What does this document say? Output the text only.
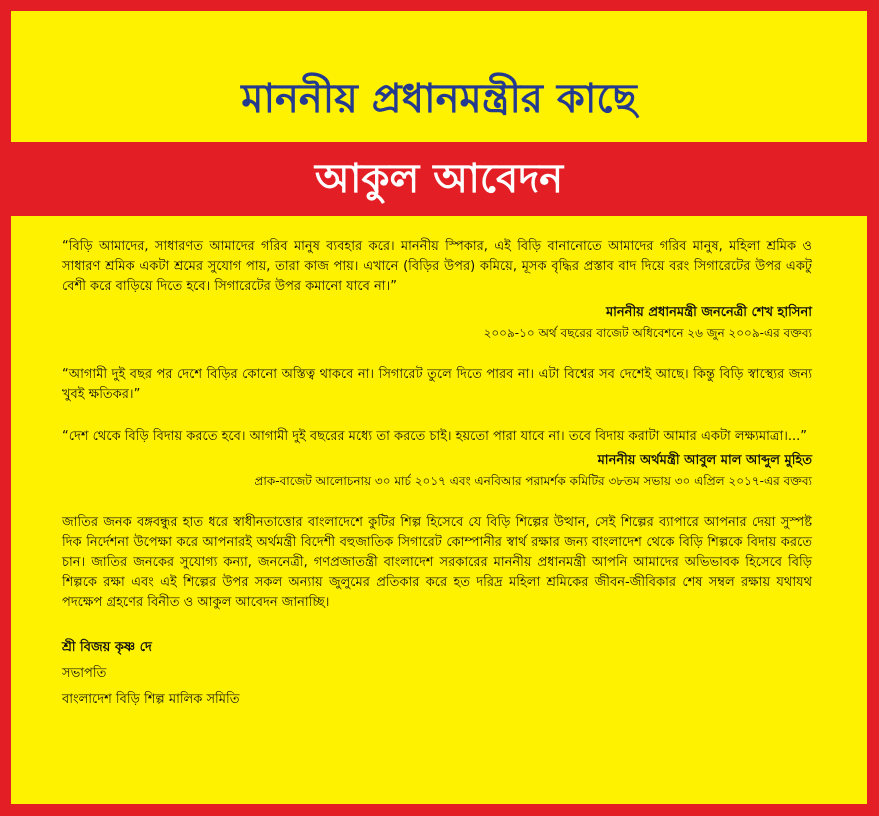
মাননীয় প্রধানমন্ত্রীর কাছে
আকুল আবেদন

“বিড়ি আমাদের, সাধারণত আমাদের গরিব মানুষ ব্যবহার করে। মাননীয় স্পিকার, এই বিড়ি বানানোতে আমাদের গরিব মানুষ, মহিলা শ্রমিক ও সাধারণ শ্রমিক একটা শ্রমের সুযোগ পায়, তারা কাজ পায়। এখানে (বিড়ির উপর) কমিয়ে, মূসক বৃদ্ধির প্রস্তাব বাদ দিয়ে বরং সিগারেটের উপর একটু বেশী করে বাড়িয়ে দিতে হবে। সিগারেটের উপর কমানো যাবে না।”

মাননীয় প্রধানমন্ত্রী জননেত্রী শেখ হাসিনা

২০০৯-১০ অর্থ বছরের বাজেট অধিবেশনে ২৬ জুন ২০০৯-এর বক্তব্য

“আগামী দুই বছর পর দেশে বিড়ির কোনো অস্তিত্ব থাকবে না। সিগারেট তুলে দিতে পারব না। এটা বিশ্বের সব দেশেই আছে। কিন্তু বিড়ি স্বাস্থ্যের জন্য খুবই ক্ষতিকর।”

“দেশ থেকে বিড়ি বিদায় করতে হবে। আগামী দুই বছরের মধ্যে তা করতে চাই। হয়তো পারা যাবে না। তবে বিদায় করাটা আমার একটা লক্ষ্যমাত্রা।...”

মাননীয় অর্থমন্ত্রী আবুল মাল আব্দুল মুহিত

প্রাক-বাজেট আলোচনায় ৩০ মার্চ ২০১৭ এবং এনবিআর পরামর্শক কমিটির ৩৮তম সভায় ৩০ এপ্রিল ২০১৭-এর বক্তব্য

জাতির জনক বঙ্গবন্ধুর হাত ধরে স্বাধীনতাত্তোর বাংলাদেশে কুটির শিল্প হিসেবে যে বিড়ি শিল্পের উত্থান, সেই শিল্পের ব্যাপারে আপনার দেয়া সুস্পষ্ট দিক নির্দেশনা উপেক্ষা করে আপনারই অর্থমন্ত্রী বিদেশী বহুজাতিক সিগারেট কোম্পানীর স্বার্থ রক্ষার জন্য বাংলাদেশ থেকে বিড়ি শিল্পকে বিদায় করতে চান। জাতির জনকের সুযোগ্য কন্যা, জননেত্রী, গণপ্রজাতন্ত্রী বাংলাদেশ সরকারের মাননীয় প্রধানমন্ত্রী আপনি আমাদের অভিভাবক হিসেবে বিড়ি শিল্পকে রক্ষা এবং এই শিল্পের উপর সকল অন্যায় জুলুমের প্রতিকার করে হত দরিদ্র মহিলা শ্রমিকের জীবন-জীবিকার শেষ সম্বল রক্ষায় যথাযথ পদক্ষেপ গ্রহণের বিনীত ও আকুল আবেদন জানাচ্ছি।

শ্রী বিজয় কৃষ্ণ দে

সভাপতি

বাংলাদেশ বিড়ি শিল্প মালিক সমিতি
